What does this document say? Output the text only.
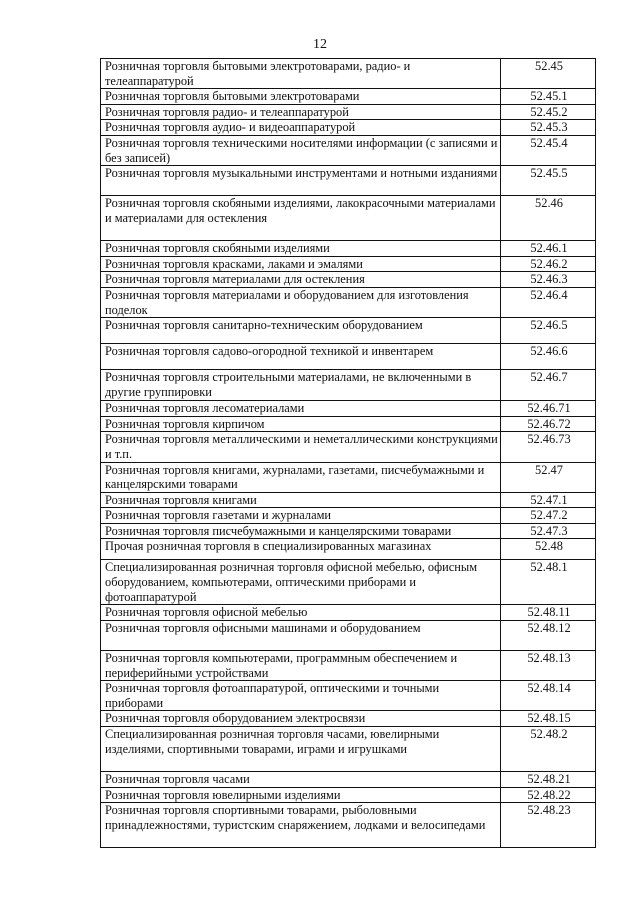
12
Розничная торговля бытовыми электротоварами, радио- и телеаппаратурой	52.45
Розничная торговля бытовыми электротоварами	52.45.1
Розничная торговля радио- и телеаппаратурой	52.45.2
Розничная торговля аудио- и видеоаппаратурой	52.45.3
Розничная торговля техническими носителями информации (с записями и без записей)	52.45.4
Розничная торговля музыкальными инструментами и нотными изданиями	52.45.5
Розничная торговля скобяными изделиями, лакокрасочными материалами и материалами для остекления	52.46
Розничная торговля скобяными изделиями	52.46.1
Розничная торговля красками, лаками и эмалями	52.46.2
Розничная торговля материалами для остекления	52.46.3
Розничная торговля материалами и оборудованием для изготовления поделок	52.46.4
Розничная торговля санитарно-техническим оборудованием	52.46.5
Розничная торговля садово-огородной техникой и инвентарем	52.46.6
Розничная торговля строительными материалами, не включенными в другие группировки	52.46.7
Розничная торговля лесоматериалами	52.46.71
Розничная торговля кирпичом	52.46.72
Розничная торговля металлическими и неметаллическими конструкциями и т.п.	52.46.73
Розничная торговля книгами, журналами, газетами, писчебумажными и канцелярскими товарами	52.47
Розничная торговля книгами	52.47.1
Розничная торговля газетами и журналами	52.47.2
Розничная торговля писчебумажными и канцелярскими товарами	52.47.3
Прочая розничная торговля в специализированных магазинах	52.48
Специализированная розничная торговля офисной мебелью, офисным оборудованием, компьютерами, оптическими приборами и фотоаппаратурой	52.48.1
Розничная торговля офисной мебелью	52.48.11
Розничная торговля офисными машинами и оборудованием	52.48.12
Розничная торговля компьютерами, программным обеспечением и периферийными устройствами	52.48.13
Розничная торговля фотоаппаратурой, оптическими и точными приборами	52.48.14
Розничная торговля оборудованием электросвязи	52.48.15
Специализированная розничная торговля часами, ювелирными изделиями, спортивными товарами, играми и игрушками	52.48.2
Розничная торговля часами	52.48.21
Розничная торговля ювелирными изделиями	52.48.22
Розничная торговля спортивными товарами, рыболовными принадлежностями, туристским снаряжением, лодками и велосипедами	52.48.23
